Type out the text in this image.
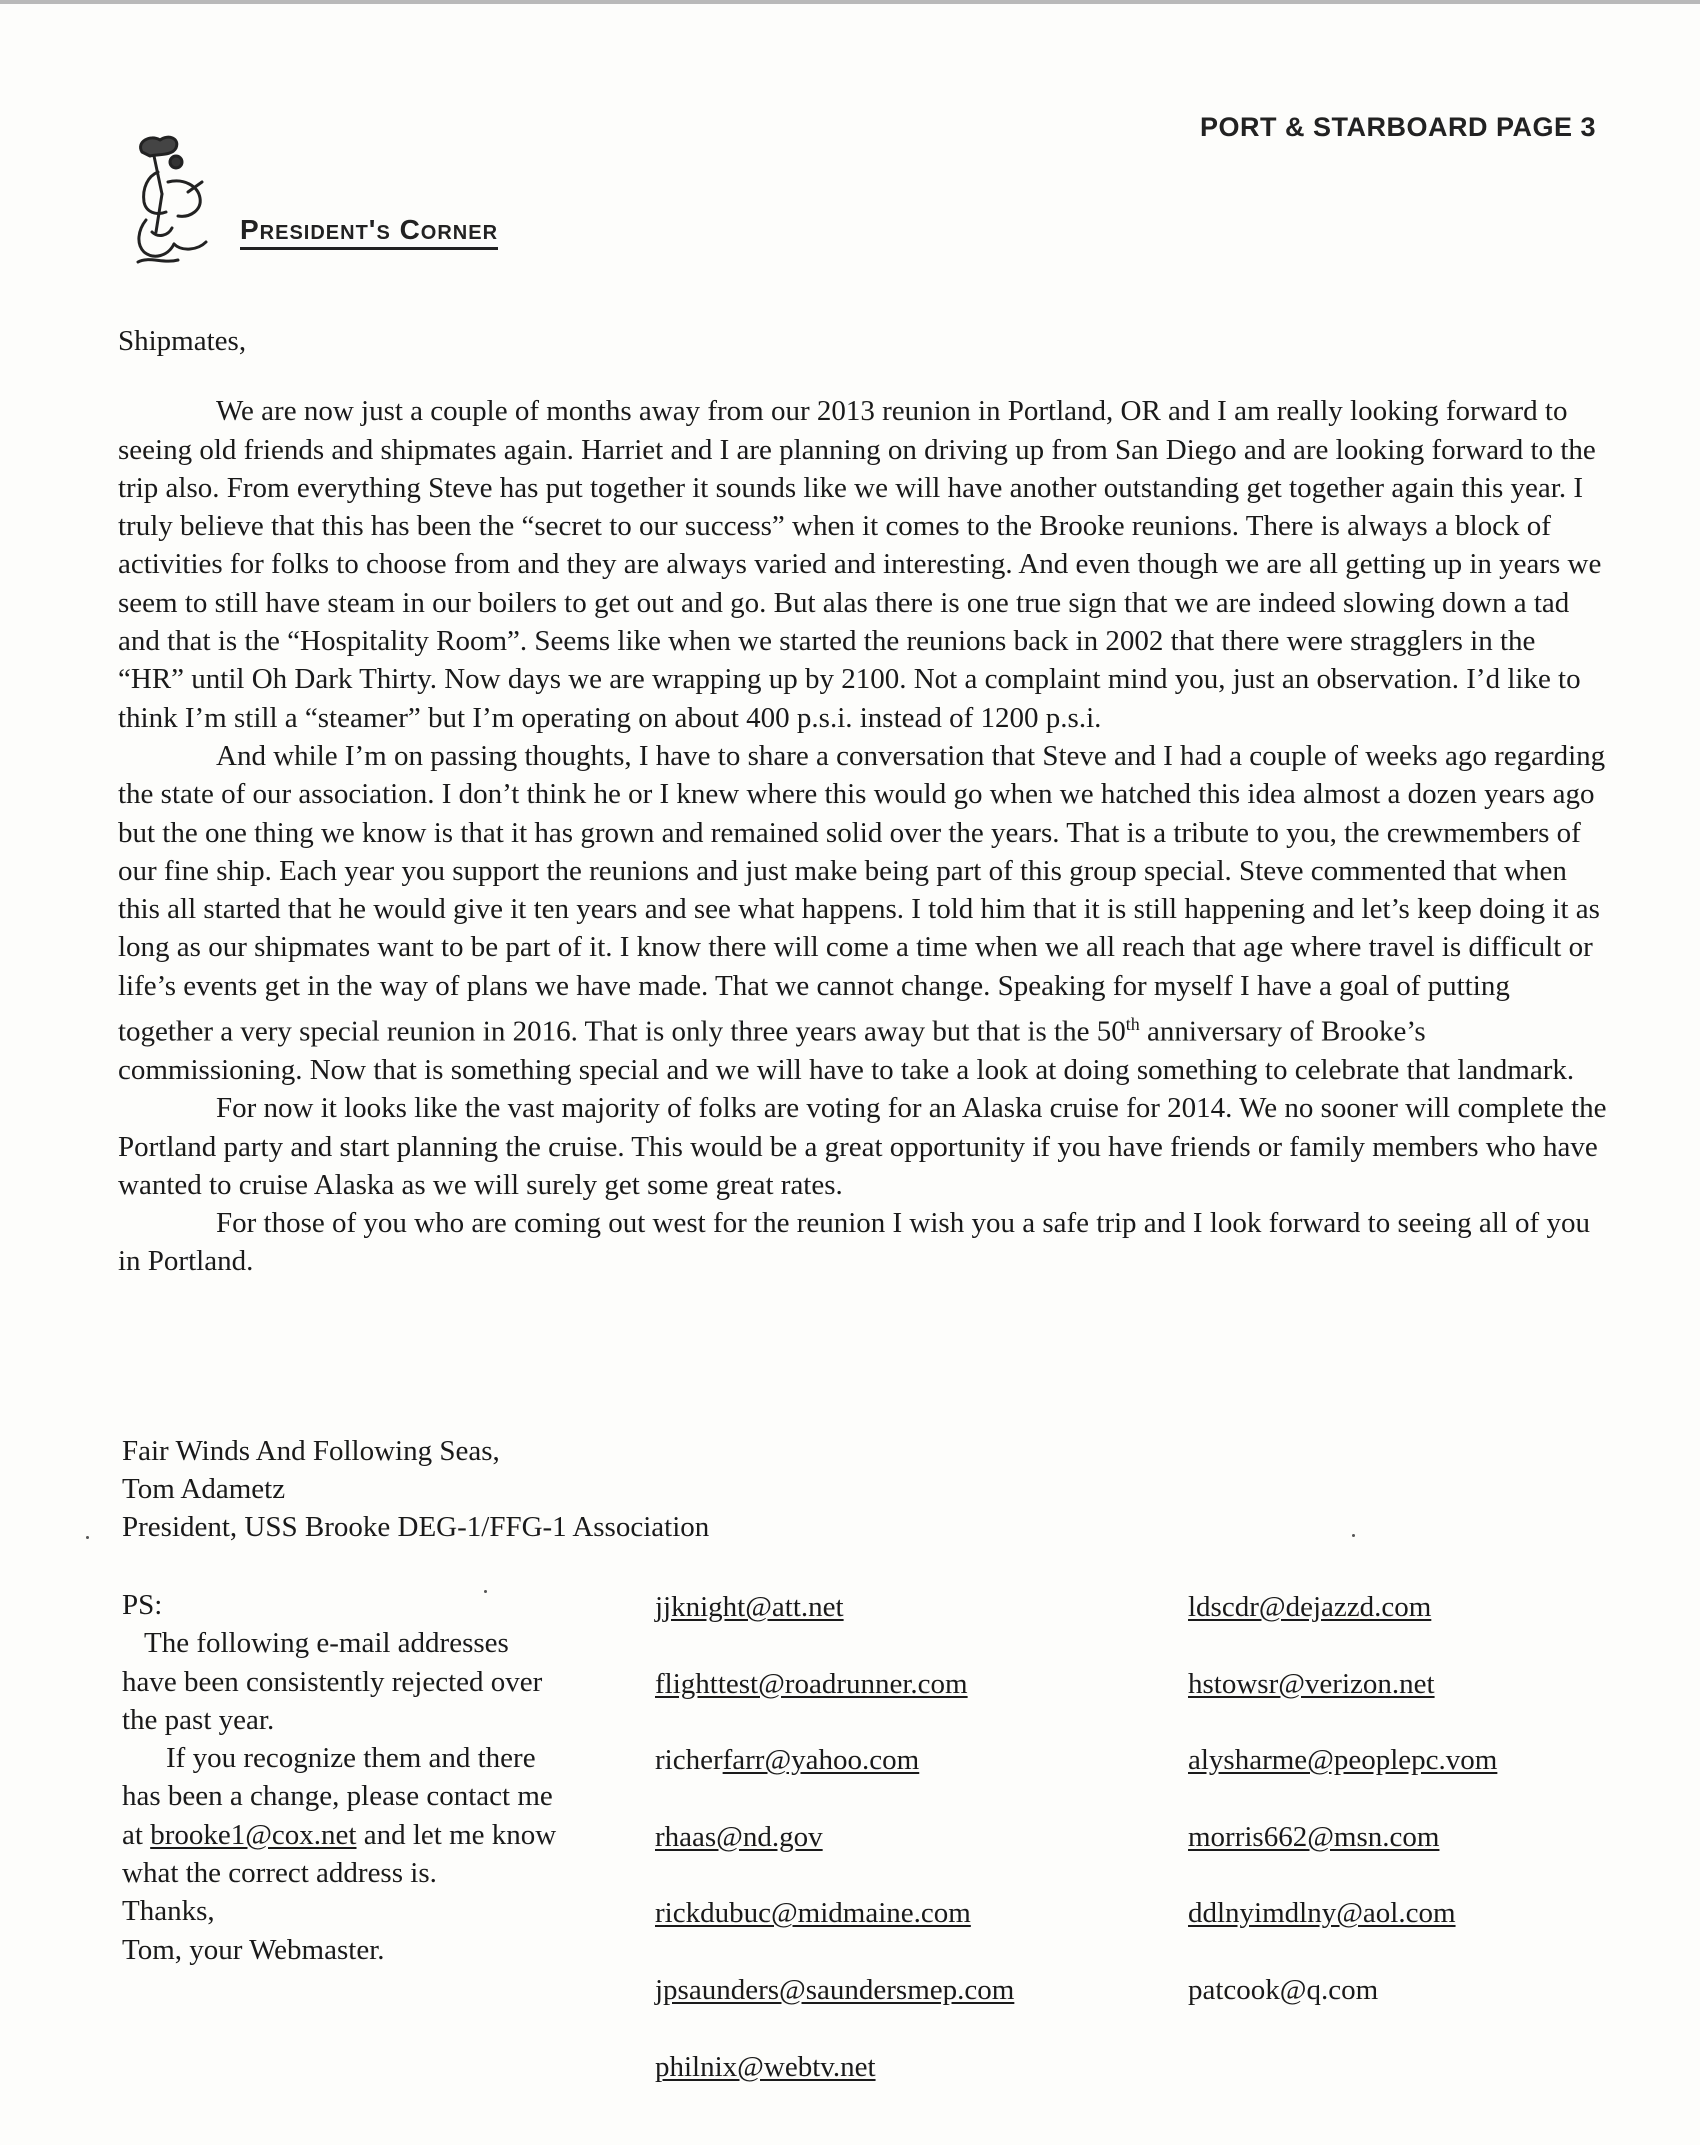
PORT & STARBOARD PAGE 3
President's Corner
Shipmates,

We are now just a couple of months away from our 2013 reunion in Portland, OR and I am really looking forward to seeing old friends and shipmates again. Harriet and I are planning on driving up from San Diego and are looking forward to the trip also. From everything Steve has put together it sounds like we will have another outstanding get together again this year. I truly believe that this has been the “secret to our success” when it comes to the Brooke reunions. There is always a block of activities for folks to choose from and they are always varied and interesting. And even though we are all getting up in years we seem to still have steam in our boilers to get out and go. But alas there is one true sign that we are indeed slowing down a tad and that is the “Hospitality Room”. Seems like when we started the reunions back in 2002 that there were stragglers in the “HR” until Oh Dark Thirty. Now days we are wrapping up by 2100. Not a complaint mind you, just an observation. I’d like to think I’m still a “steamer” but I’m operating on about 400 p.s.i. instead of 1200 p.s.i.

And while I’m on passing thoughts, I have to share a conversation that Steve and I had a couple of weeks ago regarding the state of our association. I don’t think he or I knew where this would go when we hatched this idea almost a dozen years ago but the one thing we know is that it has grown and remained solid over the years. That is a tribute to you, the crewmembers of our fine ship. Each year you support the reunions and just make being part of this group special. Steve commented that when this all started that he would give it ten years and see what happens. I told him that it is still happening and let’s keep doing it as long as our shipmates want to be part of it. I know there will come a time when we all reach that age where travel is difficult or life’s events get in the way of plans we have made. That we cannot change. Speaking for myself I have a goal of putting together a very special reunion in 2016. That is only three years away but that is the 50th anniversary of Brooke’s commissioning. Now that is something special and we will have to take a look at doing something to celebrate that landmark.

For now it looks like the vast majority of folks are voting for an Alaska cruise for 2014. We no sooner will complete the Portland party and start planning the cruise. This would be a great opportunity if you have friends or family members who have wanted to cruise Alaska as we will surely get some great rates.

For those of you who are coming out west for the reunion I wish you a safe trip and I look forward to seeing all of you in Portland.

Fair Winds And Following Seas,
Tom Adametz
President, USS Brooke DEG-1/FFG-1 Association
PS:
The following e-mail addresses have been consistently rejected over the past year.
If you recognize them and there has been a change, please contact me at brooke1@cox.net and let me know what the correct address is.
Thanks,
Tom, your Webmaster.
jjknight@att.net
flighttest@roadrunner.com
richerfarr@yahoo.com
rhaas@nd.gov
rickdubuc@midmaine.com
jpsaunders@saundersmep.com
philnix@webtv.net
ldscdr@dejazzd.com
hstowsr@verizon.net
alysharme@peoplepc.vom
morris662@msn.com
ddlnyimdlny@aol.com
patcook@q.com
